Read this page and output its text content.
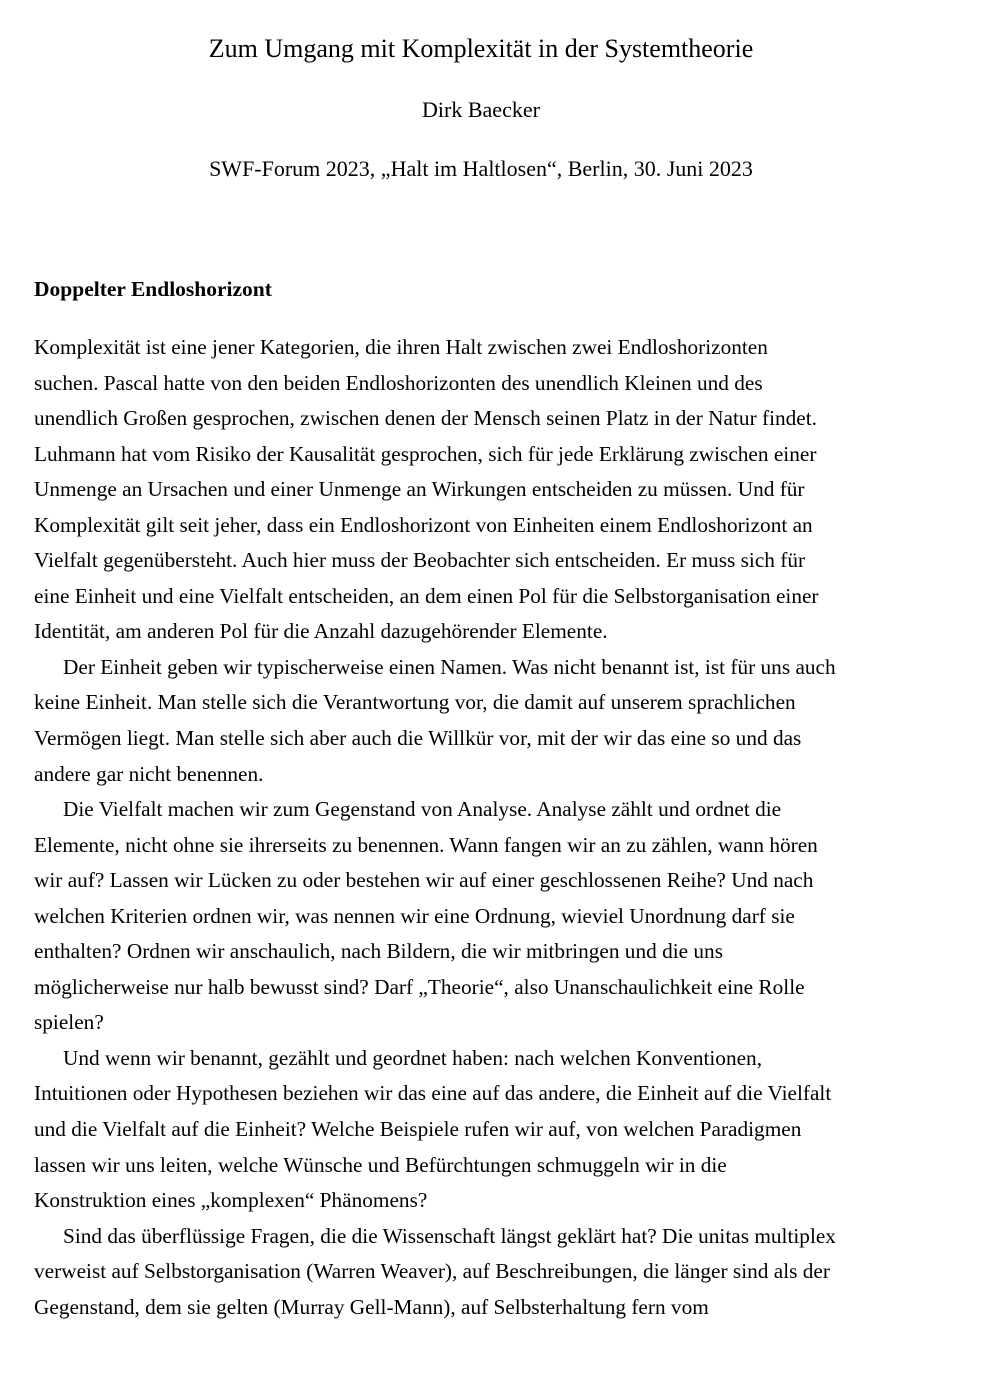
Zum Umgang mit Komplexität in der Systemtheorie

Dirk Baecker

SWF-Forum 2023, „Halt im Haltlosen“, Berlin, 30. Juni 2023

Doppelter Endloshorizont

Komplexität ist eine jener Kategorien, die ihren Halt zwischen zwei Endloshorizonten
suchen. Pascal hatte von den beiden Endloshorizonten des unendlich Kleinen und des
unendlich Großen gesprochen, zwischen denen der Mensch seinen Platz in der Natur findet.
Luhmann hat vom Risiko der Kausalität gesprochen, sich für jede Erklärung zwischen einer
Unmenge an Ursachen und einer Unmenge an Wirkungen entscheiden zu müssen. Und für
Komplexität gilt seit jeher, dass ein Endloshorizont von Einheiten einem Endloshorizont an
Vielfalt gegenübersteht. Auch hier muss der Beobachter sich entscheiden. Er muss sich für
eine Einheit und eine Vielfalt entscheiden, an dem einen Pol für die Selbstorganisation einer
Identität, am anderen Pol für die Anzahl dazugehörender Elemente.

Der Einheit geben wir typischerweise einen Namen. Was nicht benannt ist, ist für uns auch
keine Einheit. Man stelle sich die Verantwortung vor, die damit auf unserem sprachlichen
Vermögen liegt. Man stelle sich aber auch die Willkür vor, mit der wir das eine so und das
andere gar nicht benennen.

Die Vielfalt machen wir zum Gegenstand von Analyse. Analyse zählt und ordnet die
Elemente, nicht ohne sie ihrerseits zu benennen. Wann fangen wir an zu zählen, wann hören
wir auf? Lassen wir Lücken zu oder bestehen wir auf einer geschlossenen Reihe? Und nach
welchen Kriterien ordnen wir, was nennen wir eine Ordnung, wieviel Unordnung darf sie
enthalten? Ordnen wir anschaulich, nach Bildern, die wir mitbringen und die uns
möglicherweise nur halb bewusst sind? Darf „Theorie“, also Unanschaulichkeit eine Rolle
spielen?

Und wenn wir benannt, gezählt und geordnet haben: nach welchen Konventionen,
Intuitionen oder Hypothesen beziehen wir das eine auf das andere, die Einheit auf die Vielfalt
und die Vielfalt auf die Einheit? Welche Beispiele rufen wir auf, von welchen Paradigmen
lassen wir uns leiten, welche Wünsche und Befürchtungen schmuggeln wir in die
Konstruktion eines „komplexen“ Phänomens?

Sind das überflüssige Fragen, die die Wissenschaft längst geklärt hat? Die unitas multiplex
verweist auf Selbstorganisation (Warren Weaver), auf Beschreibungen, die länger sind als der
Gegenstand, dem sie gelten (Murray Gell-Mann), auf Selbsterhaltung fern vom
